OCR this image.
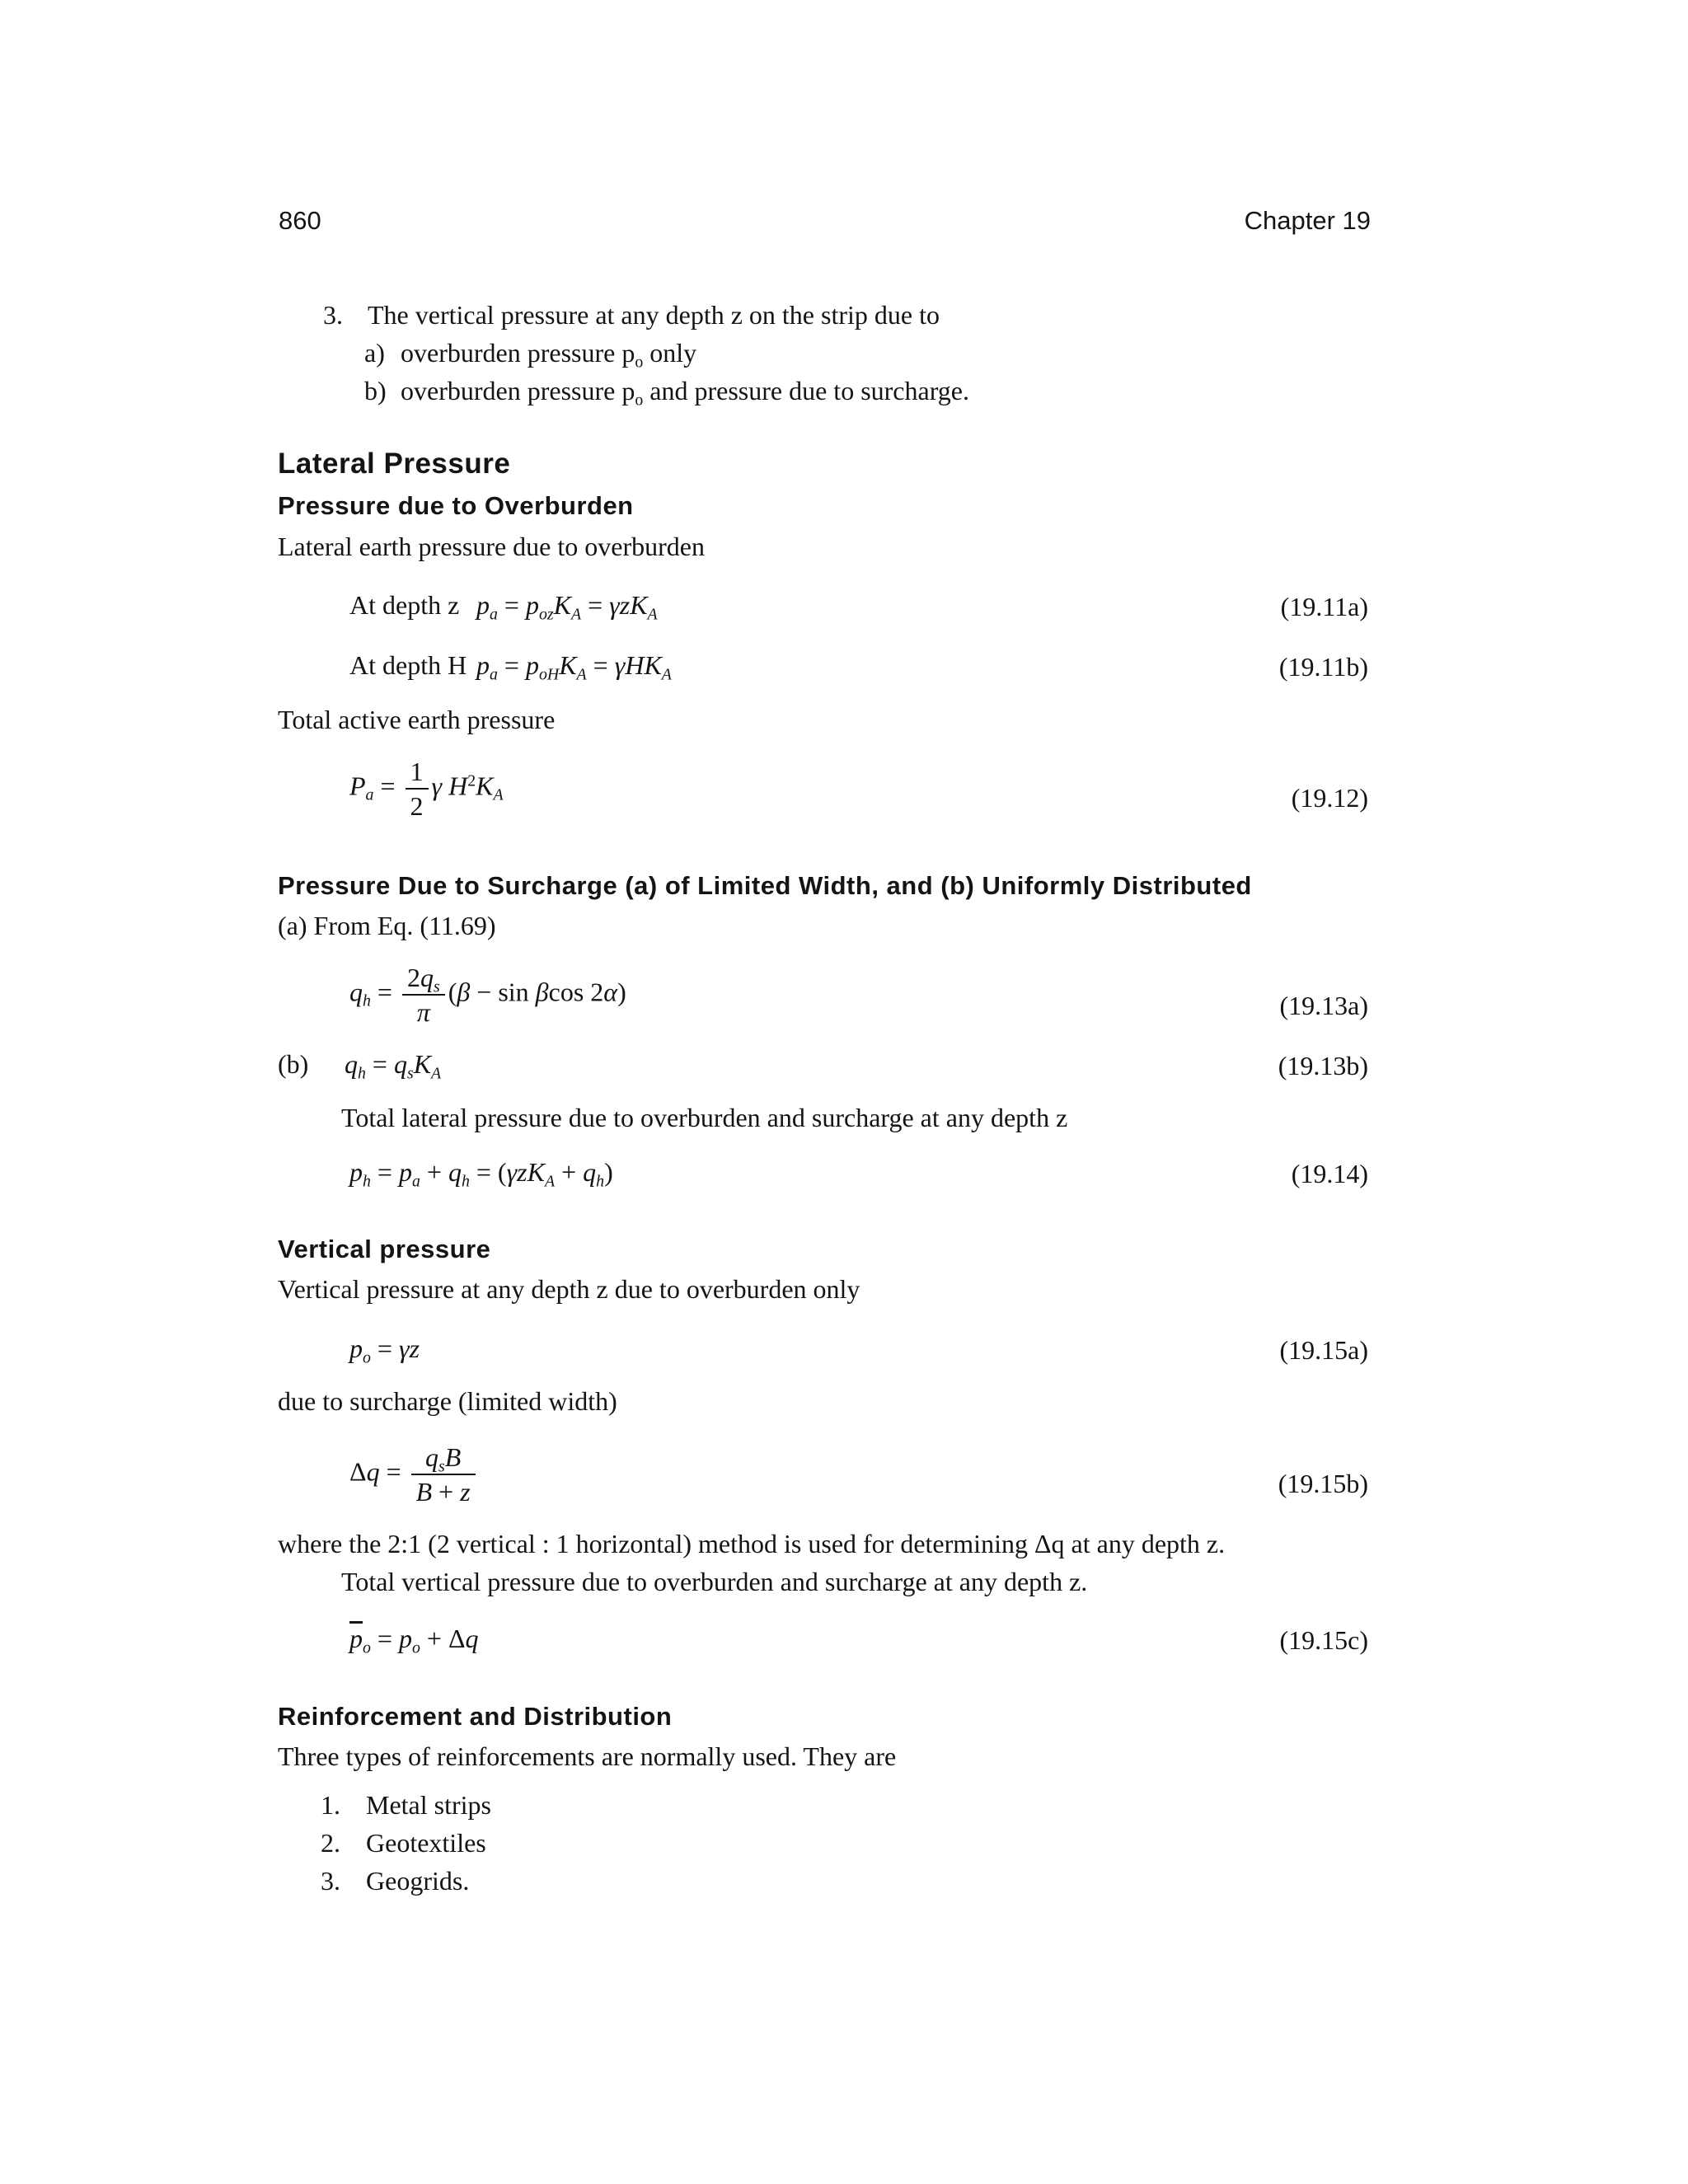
860	Chapter 19
3. The vertical pressure at any depth z on the strip due to
a) overburden pressure $p_o$ only
b) overburden pressure $p_o$ and pressure due to surcharge.
Lateral Pressure
Pressure due to Overburden
Lateral earth pressure due to overburden
At depth z $p_a = p_{oz}K_A = \gamma zK_A$	(19.11a)
At depth H $p_a = p_{oH}K_A = \gamma HK_A$	(19.11b)
Total active earth pressure
$P_a = \frac{1}{2}$ γ $H^2K_A$	(19.12)
Pressure Due to Surcharge (a) of Limited Width, and (b) Uniformly Distributed
(a) From Eq. (11.69)
$q_h = \frac{2q_s}{\pi} (\beta - \sin \beta\cos$ 2α)	(19.13a)
(b) $q_h = q_sK_A$	(19.13b)
Total lateral pressure due to overburden and surcharge at any depth z
$p_h = p_a + q_h = (\gamma zK_A + q_h)$	(19.14)
Vertical pressure
Vertical pressure at any depth z due to overburden only
$p_o = \gamma z$	(19.15a)
due to surcharge (limited width)
$\Delta q = \frac{q_sB}{B + z}$	(19.15b)
where the 2:1 (2 vertical : 1 horizontal) method is used for determining Δq at any depth z.
Total vertical pressure due to overburden and surcharge at any depth z.
$\overline{p}_o = p_o + \Delta q$	(19.15c)
Reinforcement and Distribution
Three types of reinforcements are normally used. They are
1. Metal strips
2. Geotextiles
3. Geogrids.
